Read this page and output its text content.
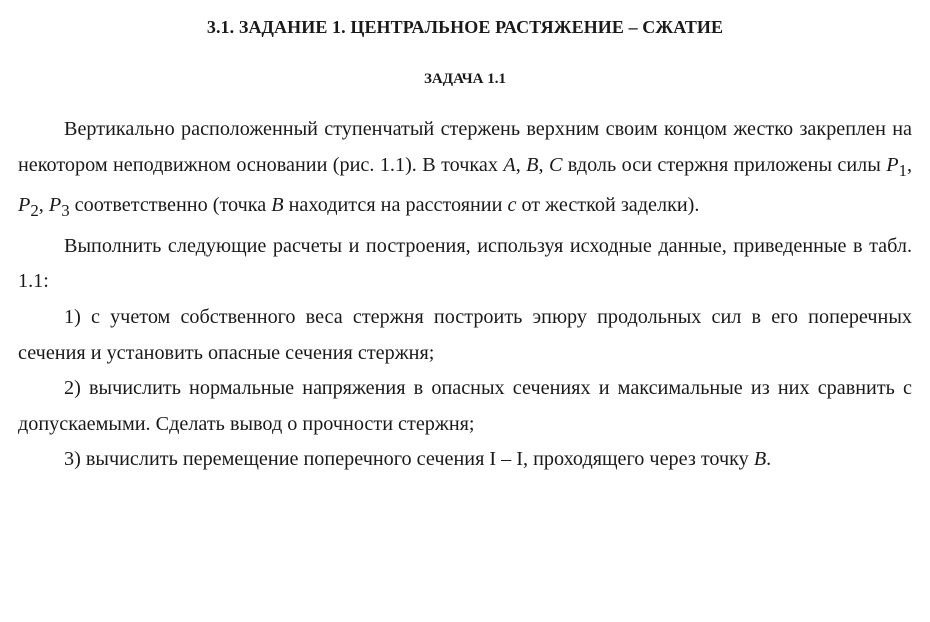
3.1. ЗАДАНИЕ 1. ЦЕНТРАЛЬНОЕ РАСТЯЖЕНИЕ – СЖАТИЕ
ЗАДАЧА 1.1

Вертикально расположенный ступенчатый стержень верхним своим концом жестко закреплен на некотором неподвижном основании (рис. 1.1). В точках A, B, C вдоль оси стержня приложены силы $P_1$, $P_2$, $P_3$ соответственно (точка B находится на расстоянии c от жесткой заделки).

Выполнить следующие расчеты и построения, используя исходные данные, приведенные в табл. 1.1:

1) с учетом собственного веса стержня построить эпюру продольных сил в его поперечных сечения и установить опасные сечения стержня;

2) вычислить нормальные напряжения в опасных сечениях и максимальные из них сравнить с допускаемыми. Сделать вывод о прочности стержня;

3) вычислить перемещение поперечного сечения I – I, проходящего через точку B.
